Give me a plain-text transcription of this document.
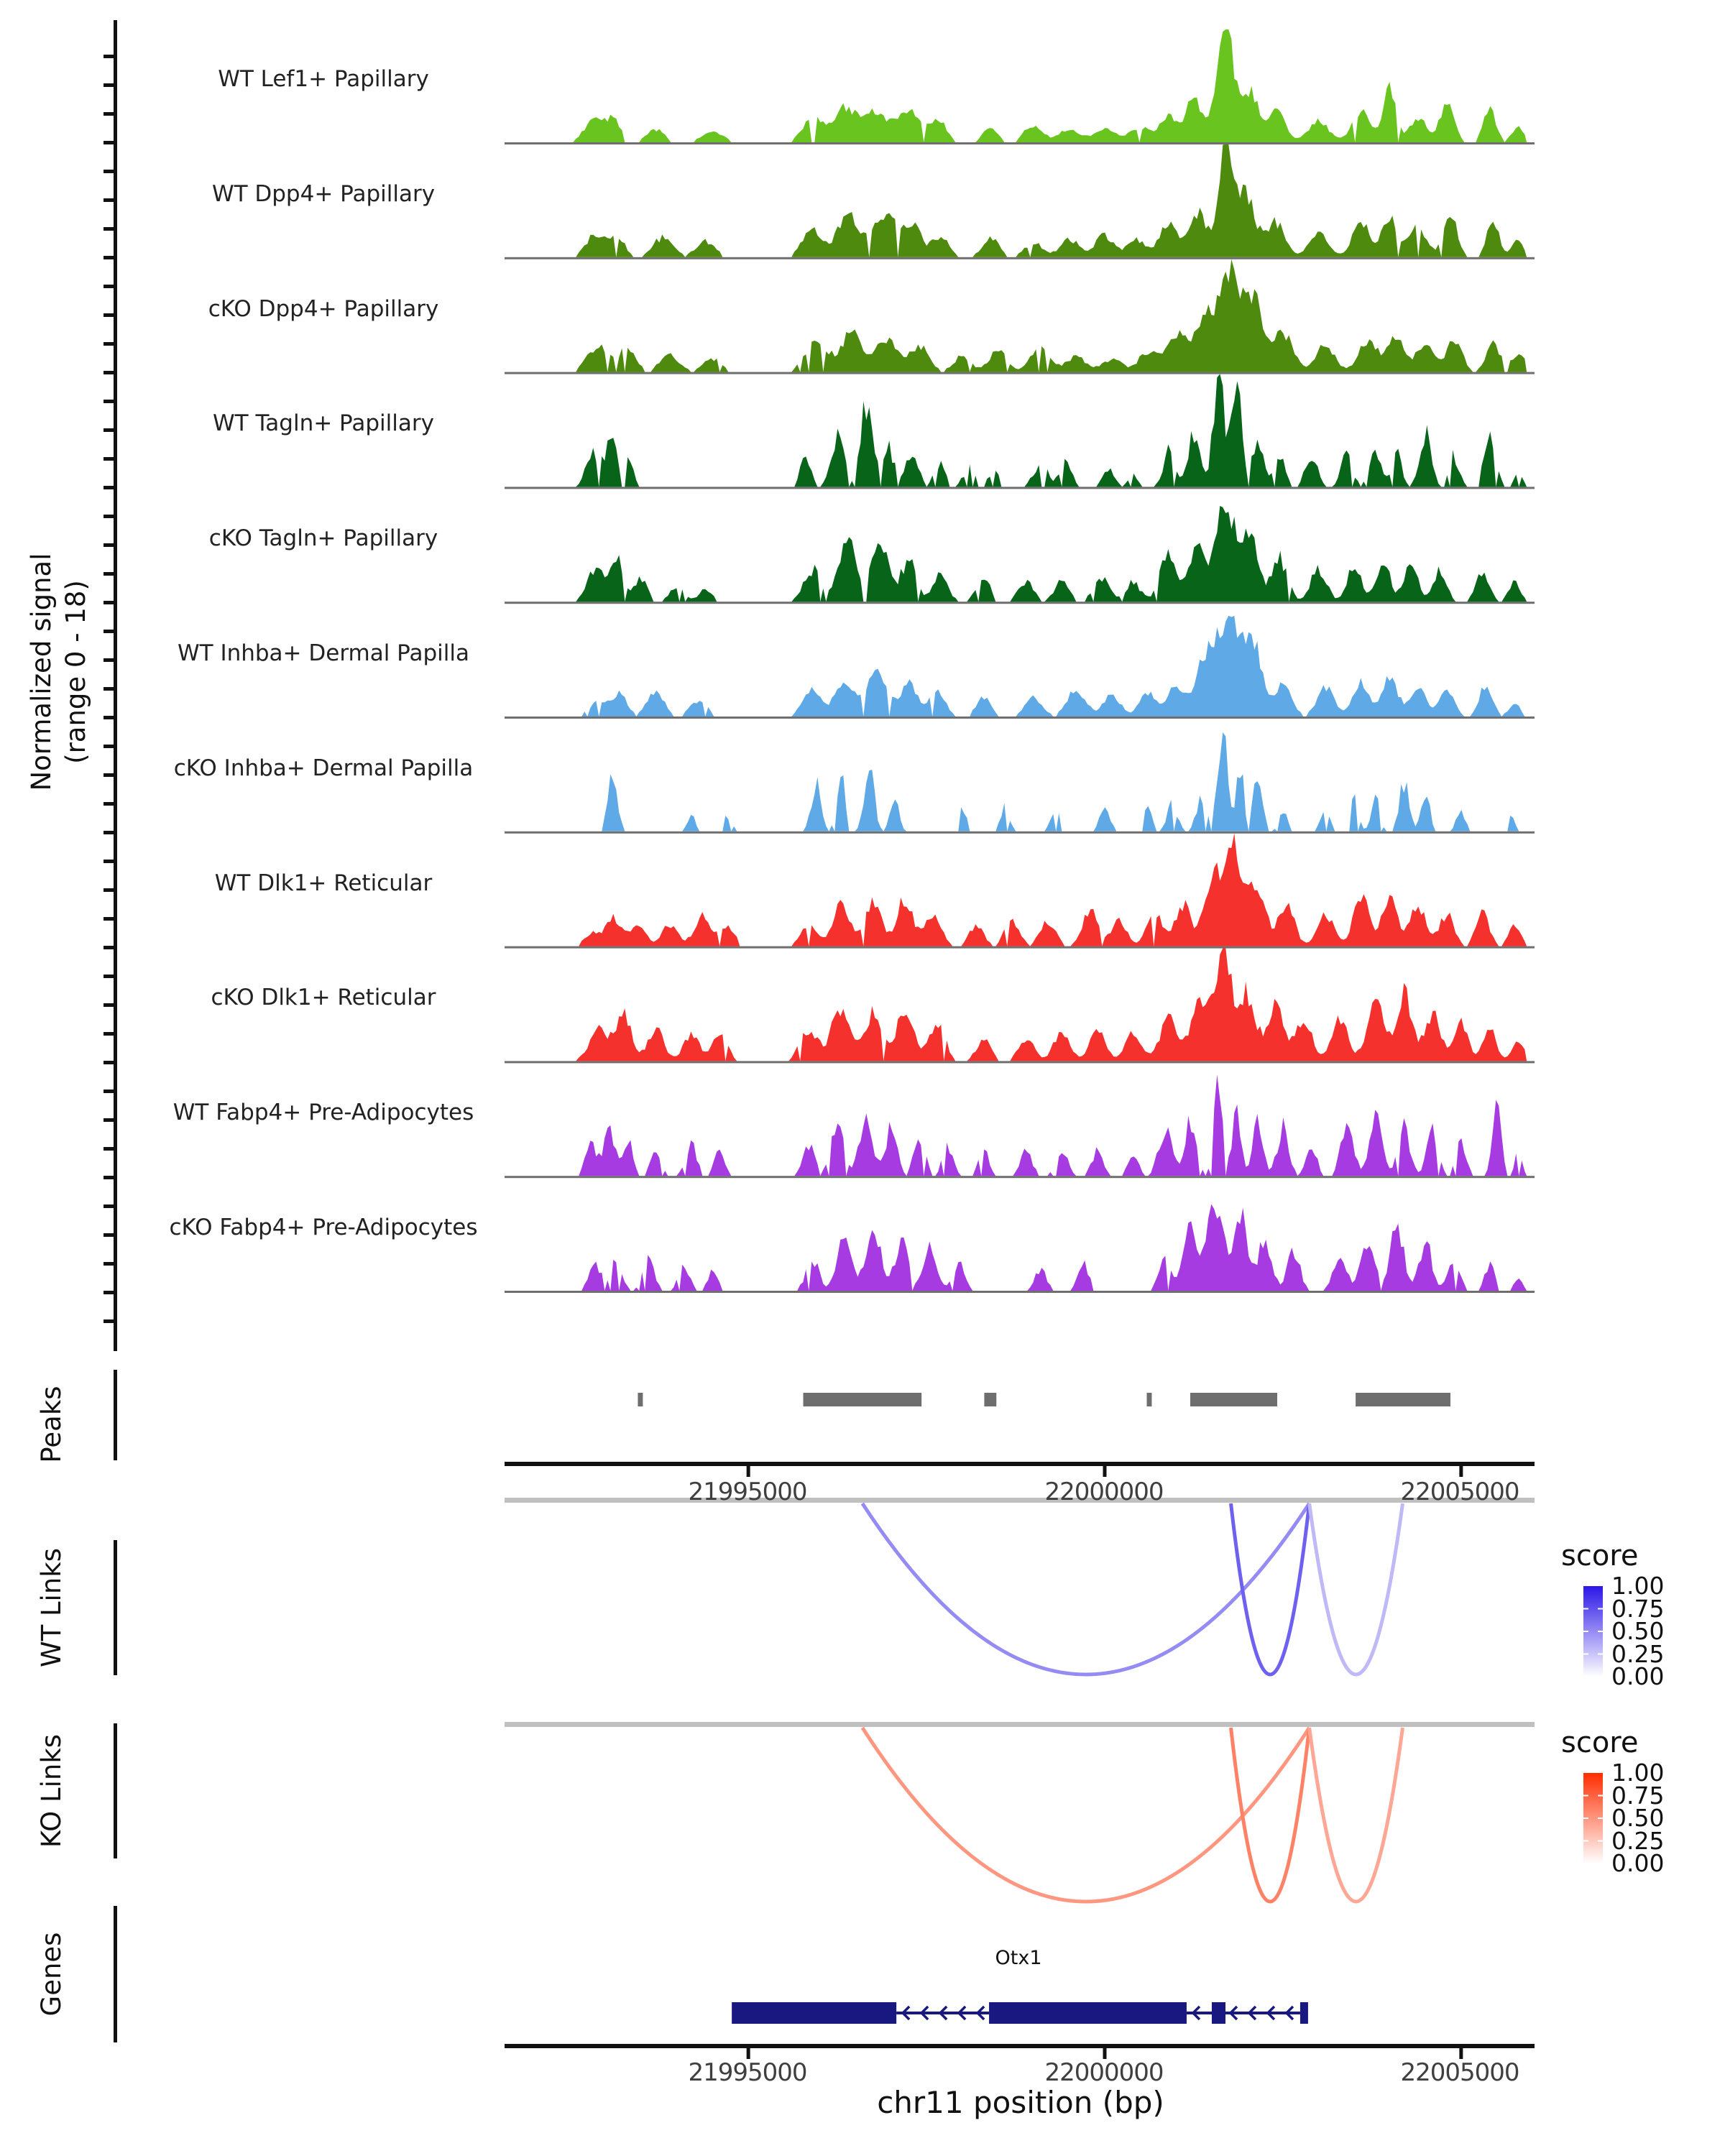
Normalized signal (range 0 - 18)
Peaks
WT Links
KO Links
Genes
WT Lef1+ Papillary
WT Dpp4+ Papillary
cKO Dpp4+ Papillary
WT Tagln+ Papillary
cKO Tagln+ Papillary
WT Inhba+ Dermal Papilla
cKO Inhba+ Dermal Papilla
WT Dlk1+ Reticular
cKO Dlk1+ Reticular
WT Fabp4+ Pre-Adipocytes
cKO Fabp4+ Pre-Adipocytes
21995000	22000000	22005000
score
1.00
0.75
0.50
0.25
0.00
score
1.00
0.75
0.50
0.25
0.00
Otx1
21995000	22000000	22005000
chr11 position (bp)
